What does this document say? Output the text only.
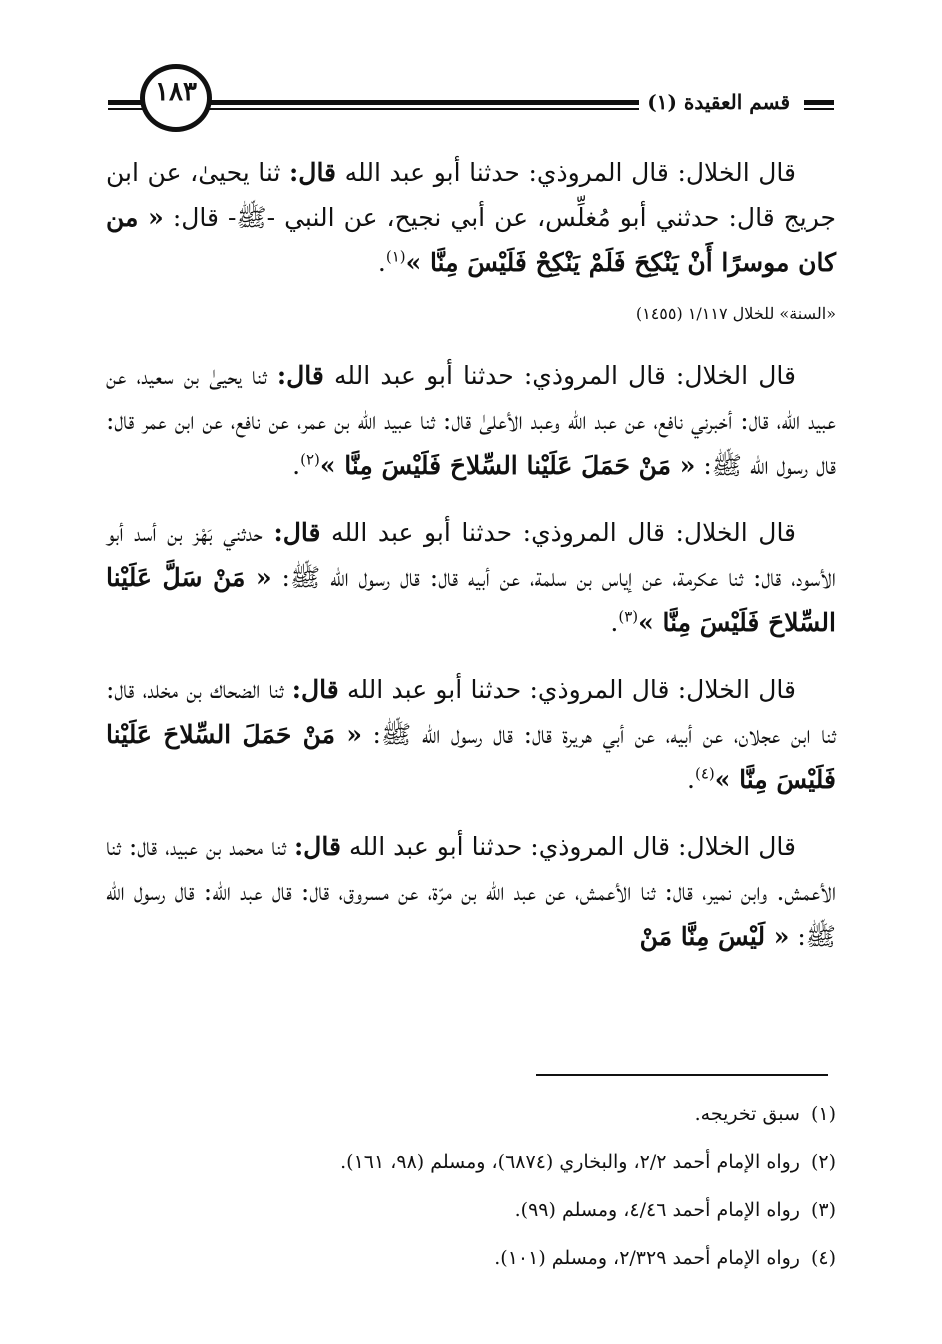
١٨٣	قسم العقيدة (١)

قال الخلال: قال المروذي: حدثنا أبو عبد الله قال: ثنا يحيىٰ، عن ابن جريج قال: حدثني أبو مُغلِّس، عن أبي نجيح، عن النبي -ﷺ- قال: « من كان موسرًا أَنْ يَنْكِحَ فَلَمْ يَنْكِحْ فَلَيْسَ مِنَّا »$^{(١)}$.

«السنة» للخلال ١/١١٧ (١٤٥٥)

قال الخلال: قال المروذي: حدثنا أبو عبد الله قال: ثنا يحيىٰ بن سعيد، عن عبيد الله، قال: أخبرني نافع، عن عبد الله وعبد الأعلىٰ قال: ثنا عبيد الله بن عمر، عن نافع، عن ابن عمر قال: قال رسول الله ﷺ: « مَنْ حَمَلَ عَلَيْنا السِّلاحَ فَلَيْسَ مِنَّا »$^{(٢)}$.

قال الخلال: قال المروذي: حدثنا أبو عبد الله قال: حدثني بَهْز بن أسد أبو الأسود، قال: ثنا عكرمة، عن إياس بن سلمة، عن أبيه قال: قال رسول الله ﷺ: « مَنْ سَلَّ عَلَيْنا السِّلاحَ فَلَيْسَ مِنَّا »$^{(٣)}$.

قال الخلال: قال المروذي: حدثنا أبو عبد الله قال: ثنا الضحاك بن مخلد، قال: ثنا ابن عجلان، عن أبيه، عن أبي هريرة قال: قال رسول الله ﷺ: « مَنْ حَمَلَ السِّلاحَ عَلَيْنا فَلَيْسَ مِنَّا »$^{(٤)}$.

قال الخلال: قال المروذي: حدثنا أبو عبد الله قال: ثنا محمد بن عبيد، قال: ثنا الأعمش. وابن نمير، قال: ثنا الأعمش، عن عبد الله بن مرّة، عن مسروق، قال: قال عبد الله: قال رسول الله ﷺ: « لَيْسَ مِنَّا مَنْ

(١) سبق تخريجه.
(٢) رواه الإمام أحمد ٢/٢، والبخاري (٦٨٧٤)، ومسلم (٩٨، ١٦١).
(٣) رواه الإمام أحمد ٤/٤٦، ومسلم (٩٩).
(٤) رواه الإمام أحمد ٢/٣٢٩، ومسلم (١٠١).
